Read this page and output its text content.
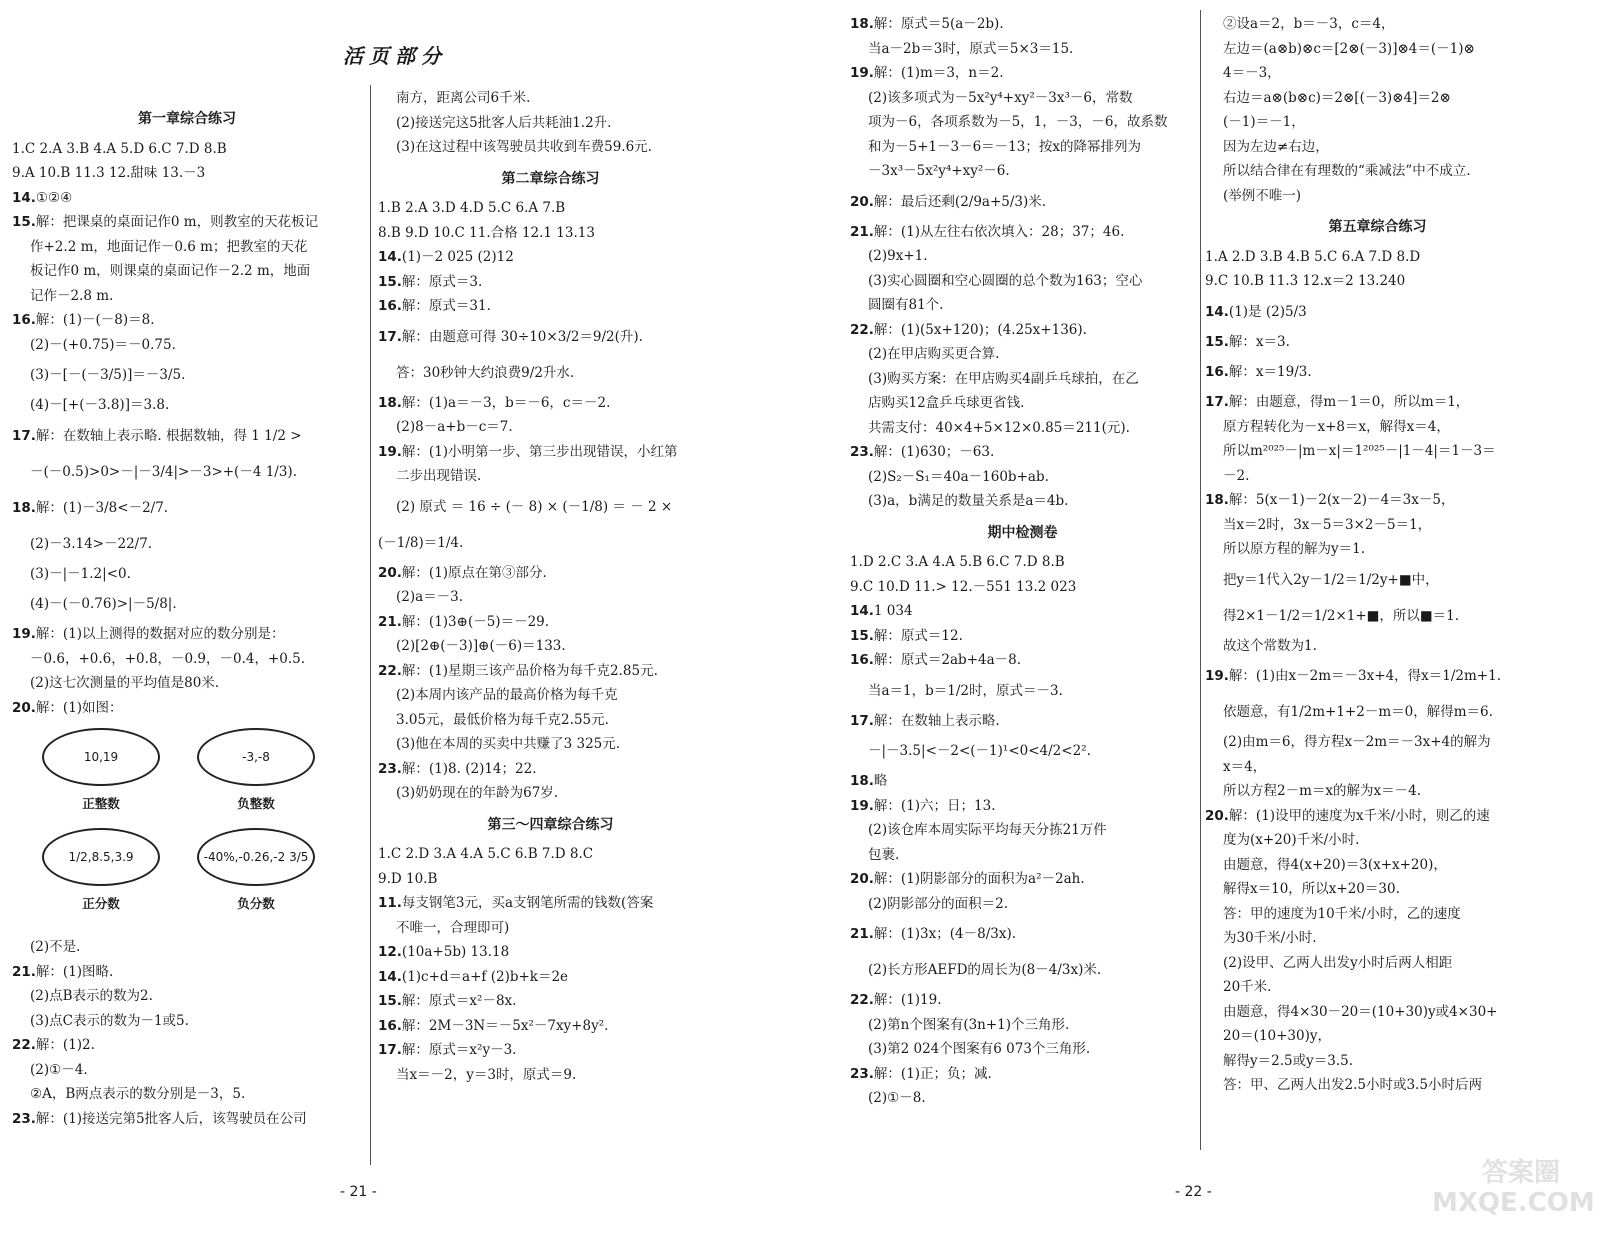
活页部分
第一章综合练习
1.C 2.A 3.B 4.A 5.D 6.C 7.D 8.B
9.A 10.B 11.3 12.甜味 13.－3
14.①②④
15.解：把课桌的桌面记作0 m，则教室的天花板记
作+2.2 m，地面记作－0.6 m；把教室的天花
板记作0 m，则课桌的桌面记作－2.2 m，地面
记作－2.8 m.
16.解：(1)－(－8)＝8.
(2)－(+0.75)＝－0.75.
(3)－[－(－3/5)]＝－3/5.
(4)－[+(－3.8)]＝3.8.
17.解：在数轴上表示略. 根据数轴，得 1 1/2 >
－(－0.5)>0>－|－3/4|>－3>+(－4 1/3).
18.解：(1)－3/8<－2/7.
(2)－3.14>－22/7.
(3)－|－1.2|<0.
(4)－(－0.76)>|－5/8|.
19.解：(1)以上测得的数据对应的数分别是：
－0.6，+0.6，+0.8，－0.9，－0.4，+0.5.
(2)这七次测量的平均值是80米.
20.解：(1)如图：
10,19
正整数
-3,-8
负整数
1/2,8.5,3.9
正分数
-40%,-0.26,-2 3/5
负分数
(2)不是.
21.解：(1)图略.
(2)点B表示的数为2.
(3)点C表示的数为－1或5.
22.解：(1)2.
(2)①－4.
②A，B两点表示的数分别是－3，5.
23.解：(1)接送完第5批客人后，该驾驶员在公司
南方，距离公司6千米.
(2)接送完这5批客人后共耗油1.2升.
(3)在这过程中该驾驶员共收到车费59.6元.
第二章综合练习
1.B 2.A 3.D 4.D 5.C 6.A 7.B
8.B 9.D 10.C 11.合格 12.1 13.13
14.(1)－2 025 (2)12
15.解：原式＝3.
16.解：原式＝31.
17.解：由题意可得 30÷10×3/2＝9/2(升).
答：30秒钟大约浪费9/2升水.
18.解：(1)a＝－3，b＝－6，c＝－2.
(2)8－a+b－c＝7.
19.解：(1)小明第一步、第三步出现错误，小红第
二步出现错误.
(2) 原式 ＝ 16 ÷ (－ 8) × (－1/8) ＝ － 2 ×
(－1/8)＝1/4.
20.解：(1)原点在第③部分.
(2)a＝－3.
21.解：(1)3⊕(－5)＝－29.
(2)[2⊕(－3)]⊕(－6)＝133.
22.解：(1)星期三该产品价格为每千克2.85元.
(2)本周内该产品的最高价格为每千克
3.05元，最低价格为每千克2.55元.
(3)他在本周的买卖中共赚了3 325元.
23.解：(1)8. (2)14；22.
(3)奶奶现在的年龄为67岁.
第三～四章综合练习
1.C 2.D 3.A 4.A 5.C 6.B 7.D 8.C
9.D 10.B
11.每支钢笔3元，买a支钢笔所需的钱数(答案
不唯一，合理即可)
12.(10a+5b) 13.18
14.(1)c+d＝a+f (2)b+k＝2e
15.解：原式＝x²－8x.
16.解：2M－3N＝－5x²－7xy+8y².
17.解：原式＝x²y－3.
当x＝－2，y＝3时，原式＝9.
- 21 -
18.解：原式＝5(a－2b).
当a－2b＝3时，原式＝5×3＝15.
19.解：(1)m＝3，n＝2.
(2)该多项式为－5x²y⁴+xy²－3x³－6，常数
项为－6，各项系数为－5，1，－3，－6，故系数
和为－5+1－3－6＝－13；按x的降幂排列为
－3x³－5x²y⁴+xy²－6.
20.解：最后还剩(2/9a+5/3)米.
21.解：(1)从左往右依次填入：28；37；46.
(2)9x+1.
(3)实心圆圈和空心圆圈的总个数为163；空心
圆圈有81个.
22.解：(1)(5x+120)；(4.25x+136).
(2)在甲店购买更合算.
(3)购买方案：在甲店购买4副乒乓球拍，在乙
店购买12盒乒乓球更省钱.
共需支付：40×4+5×12×0.85＝211(元).
23.解：(1)630；－63.
(2)S₂－S₁＝40a－160b+ab.
(3)a，b满足的数量关系是a＝4b.
期中检测卷
1.D 2.C 3.A 4.A 5.B 6.C 7.D 8.B
9.C 10.D 11.> 12.－551 13.2 023
14.1 034
15.解：原式＝12.
16.解：原式＝2ab+4a－8.
当a＝1，b＝1/2时，原式＝－3.
17.解：在数轴上表示略.
－|－3.5|<－2<(－1)¹<0<4/2<2².
18.略
19.解：(1)六；日；13.
(2)该仓库本周实际平均每天分拣21万件
包裹.
20.解：(1)阴影部分的面积为a²－2ah.
(2)阴影部分的面积＝2.
21.解：(1)3x；(4－8/3x).
(2)长方形AEFD的周长为(8－4/3x)米.
22.解：(1)19.
(2)第n个图案有(3n+1)个三角形.
(3)第2 024个图案有6 073个三角形.
23.解：(1)正；负；减.
(2)①－8.
②设a＝2，b＝－3，c＝4，
左边＝(a⊗b)⊗c＝[2⊗(－3)]⊗4＝(－1)⊗
4＝－3，
右边＝a⊗(b⊗c)＝2⊗[(－3)⊗4]＝2⊗
(－1)＝－1，
因为左边≠右边，
所以结合律在有理数的“乘减法”中不成立.
(举例不唯一)
第五章综合练习
1.A 2.D 3.B 4.B 5.C 6.A 7.D 8.D
9.C 10.B 11.3 12.x＝2 13.240
14.(1)是 (2)5/3
15.解：x＝3.
16.解：x＝19/3.
17.解：由题意，得m－1＝0，所以m＝1，
原方程转化为－x+8＝x，解得x＝4，
所以m²⁰²⁵－|m－x|＝1²⁰²⁵－|1－4|＝1－3＝
－2.
18.解：5(x－1)－2(x－2)－4＝3x－5，
当x＝2时，3x－5＝3×2－5＝1，
所以原方程的解为y＝1.
把y＝1代入2y－1/2＝1/2y+■中，
得2×1－1/2＝1/2×1+■，所以■＝1.
故这个常数为1.
19.解：(1)由x－2m＝－3x+4，得x＝1/2m+1.
依题意，有1/2m+1+2－m＝0，解得m＝6.
(2)由m＝6，得方程x－2m＝－3x+4的解为
x＝4，
所以方程2－m＝x的解为x＝－4.
20.解：(1)设甲的速度为x千米/小时，则乙的速
度为(x+20)千米/小时.
由题意，得4(x+20)＝3(x+x+20)，
解得x＝10，所以x+20＝30.
答：甲的速度为10千米/小时，乙的速度
为30千米/小时.
(2)设甲、乙两人出发y小时后两人相距
20千米.
由题意，得4×30－20＝(10+30)y或4×30+
20＝(10+30)y，
解得y＝2.5或y＝3.5.
答：甲、乙两人出发2.5小时或3.5小时后两
- 22 -
答案圈
MXQE.COM
